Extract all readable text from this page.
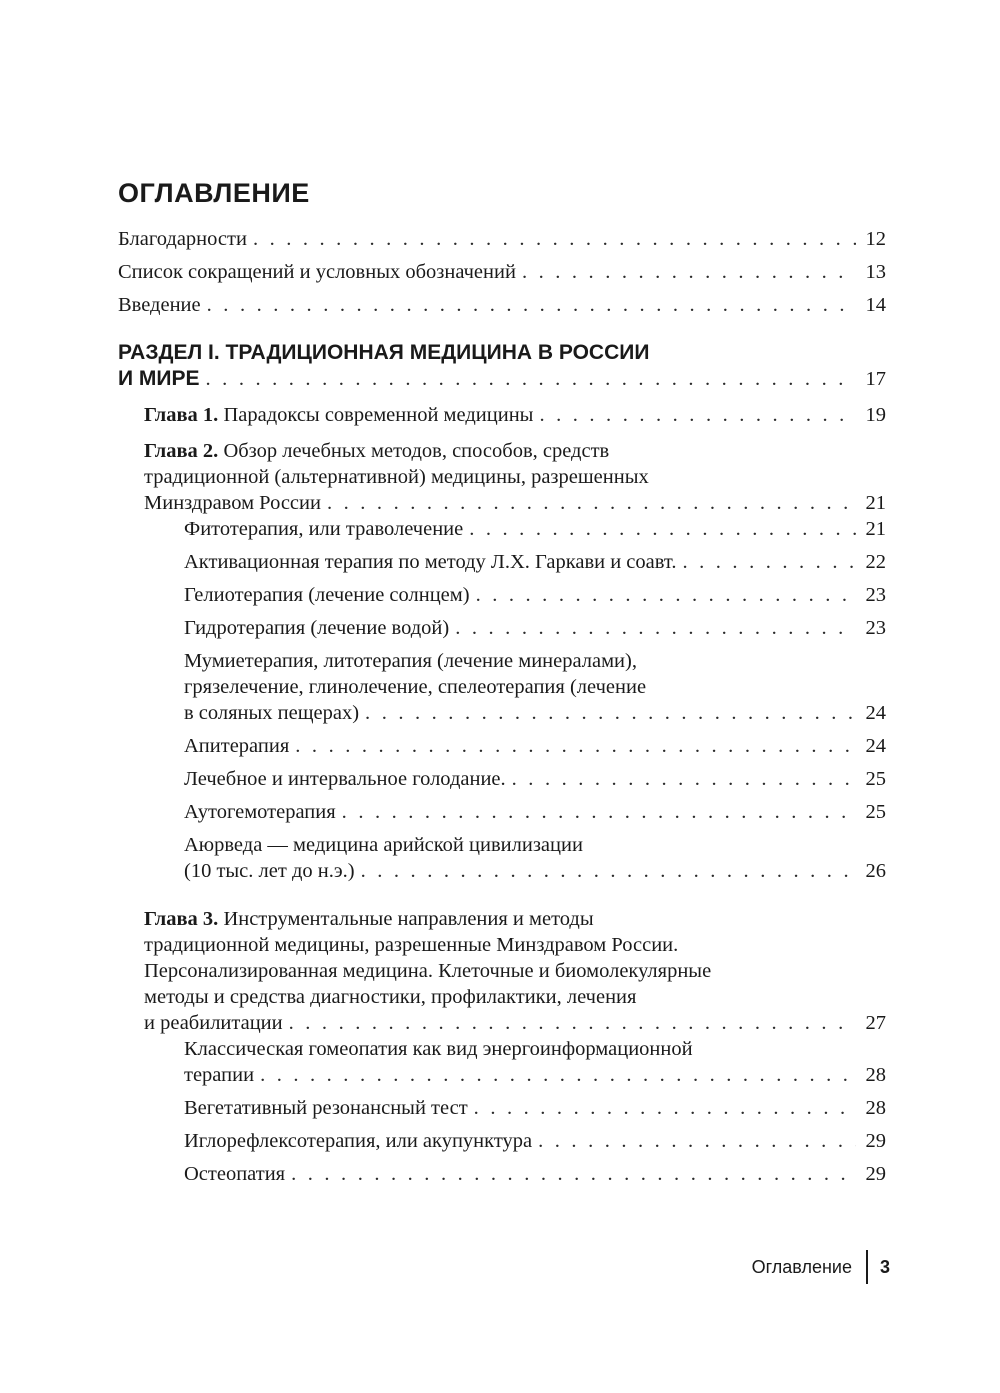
ОГЛАВЛЕНИЕ
Благодарности . . .	12
Список сокращений и условных обозначений . . .	13
Введение . . .	14
РАЗДЕЛ I. ТРАДИЦИОННАЯ МЕДИЦИНА В РОССИИ
И МИРЕ . . .	17
Глава 1. Парадоксы современной медицины . . .	19
Глава 2. Обзор лечебных методов, способов, средств
традиционной (альтернативной) медицины, разрешенных
Минздравом России . . .	21
Фитотерапия, или траволечение . . .	21
Активационная терапия по методу Л.Х. Гаркави и соавт. . . .	22
Гелиотерапия (лечение солнцем) . . .	23
Гидротерапия (лечение водой) . . .	23
Мумиетерапия, литотерапия (лечение минералами),
грязелечение, глинолечение, спелеотерапия (лечение
в соляных пещерах) . . .	24
Апитерапия . . .	24
Лечебное и интервальное голодание. . . .	25
Аутогемотерапия . . .	25
Аюрведа — медицина арийской цивилизации
(10 тыс. лет до н.э.) . . .	26
Глава 3. Инструментальные направления и методы
традиционной медицины, разрешенные Минздравом России.
Персонализированная медицина. Клеточные и биомолекулярные
методы и средства диагностики, профилактики, лечения
и реабилитации . . .	27
Классическая гомеопатия как вид энергоинформационной
терапии . . .	28
Вегетативный резонансный тест . . .	28
Иглорефлексотерапия, или акупунктура . . .	29
Остеопатия . . .	29
Оглавление	3
